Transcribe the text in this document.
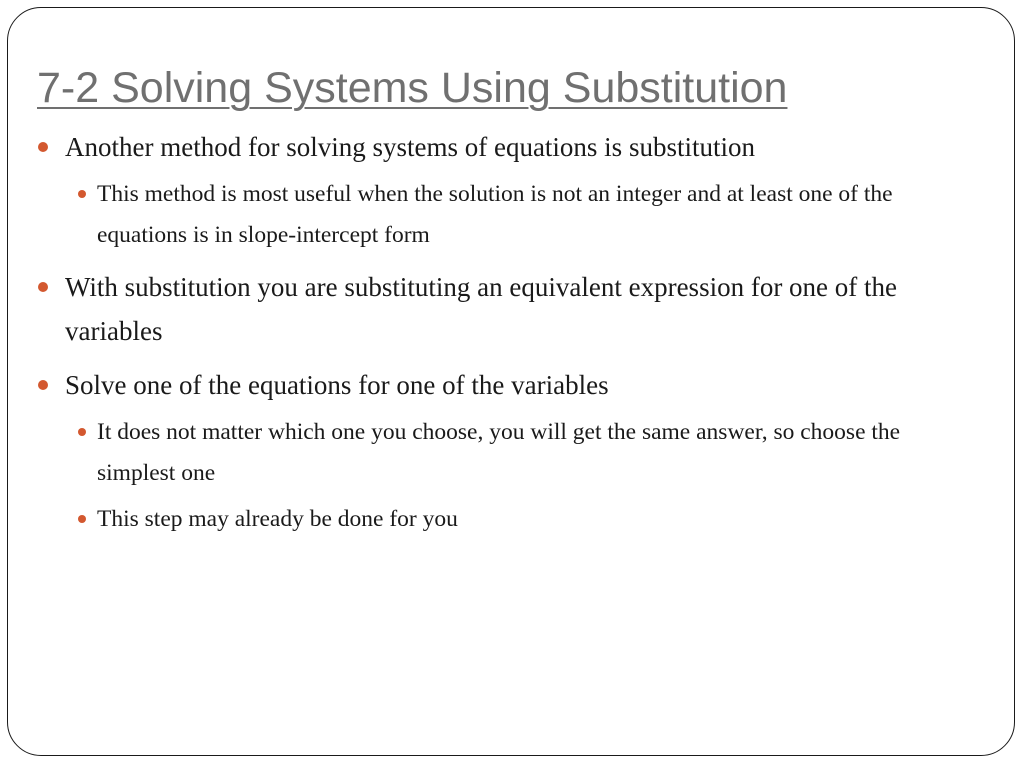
7-2 Solving Systems Using Substitution
Another method for solving systems of equations is substitution
This method is most useful when the solution is not an integer and at least one of the equations is in slope-intercept form
With substitution you are substituting an equivalent expression for one of the variables
Solve one of the equations for one of the variables
It does not matter which one you choose, you will get the same answer, so choose the simplest one
This step may already be done for you
